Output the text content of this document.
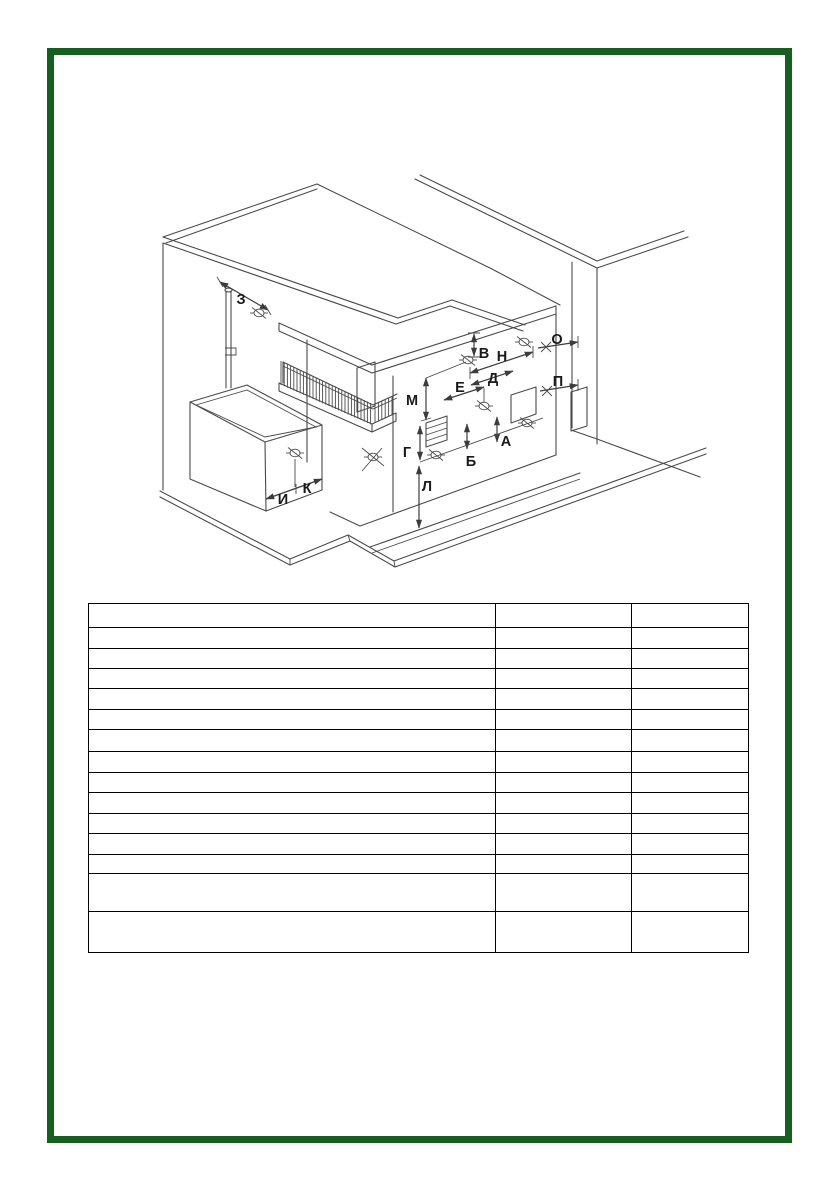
З
В Н
О
Д
Е	П
М
Г
Б
А
Л
И
К
